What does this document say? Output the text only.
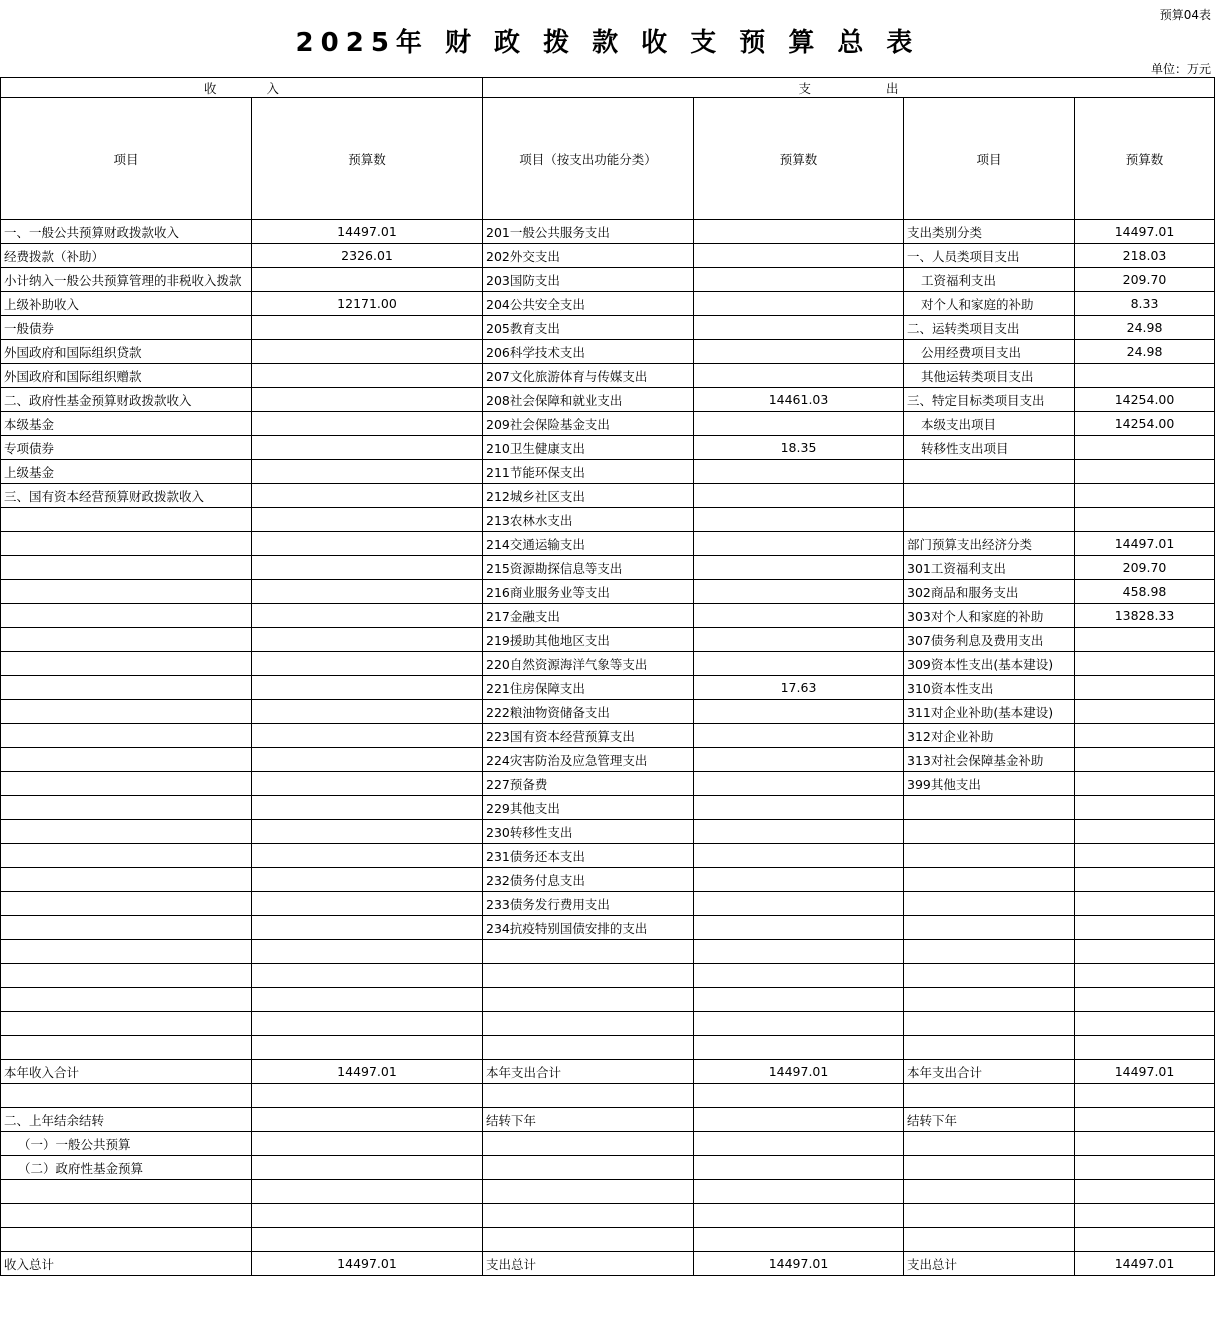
预算04表
2025年 财 政 拨 款 收 支 预 算 总 表
单位：万元
收　　　　入		支　　　　　　出			
项目	预算数	项目（按支出功能分类）	预算数	项目	预算数
一、一般公共预算财政拨款收入	14497.01	201一般公共服务支出		支出类别分类	14497.01
经费拨款（补助）	2326.01	202外交支出		一、人员类项目支出	218.03
小计纳入一般公共预算管理的非税收入拨款		203国防支出		工资福利支出	209.70
上级补助收入	12171.00	204公共安全支出		对个人和家庭的补助	8.33
一般债券		205教育支出		二、运转类项目支出	24.98
外国政府和国际组织贷款		206科学技术支出		公用经费项目支出	24.98
外国政府和国际组织赠款		207文化旅游体育与传媒支出		其他运转类项目支出	
二、政府性基金预算财政拨款收入		208社会保障和就业支出	14461.03	三、特定目标类项目支出	14254.00
本级基金		209社会保险基金支出		本级支出项目	14254.00
专项债券		210卫生健康支出	18.35	转移性支出项目	
上级基金		211节能环保支出			
三、国有资本经营预算财政拨款收入		212城乡社区支出			
		213农林水支出			
		214交通运输支出		部门预算支出经济分类	14497.01
		215资源勘探信息等支出		301工资福利支出	209.70
		216商业服务业等支出		302商品和服务支出	458.98
		217金融支出		303对个人和家庭的补助	13828.33
		219援助其他地区支出		307债务利息及费用支出	
		220自然资源海洋气象等支出		309资本性支出(基本建设)	
		221住房保障支出	17.63	310资本性支出	
		222粮油物资储备支出		311对企业补助(基本建设)	
		223国有资本经营预算支出		312对企业补助	
		224灾害防治及应急管理支出		313对社会保障基金补助	
		227预备费		399其他支出	
		229其他支出			
		230转移性支出			
		231债务还本支出			
		232债务付息支出			
		233债务发行费用支出			
		234抗疫特别国债安排的支出			

本年收入合计	14497.01	本年支出合计	14497.01	本年支出合计	14497.01

二、上年结余结转		结转下年		结转下年	
（一）一般公共预算					
（二）政府性基金预算					

收入总计	14497.01	支出总计	14497.01	支出总计	14497.01
